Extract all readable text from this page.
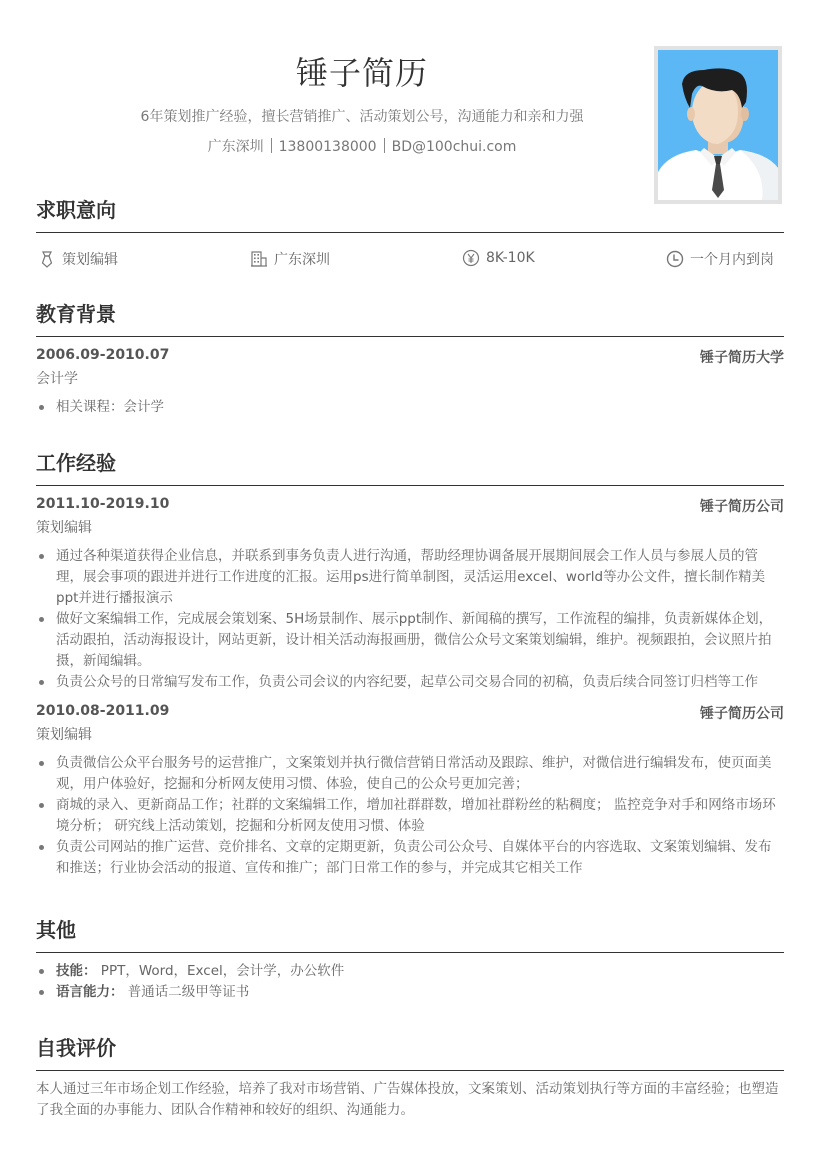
锤子简历
6年策划推广经验，擅长营销推广、活动策划公号，沟通能力和亲和力强
广东深圳 13800138000 BD@100chui.com
求职意向
策划编辑	广东深圳	8K-10K	一个月内到岗
教育背景
2006.09-2010.07	锤子简历大学
会计学
相关课程：会计学
工作经验
2011.10-2019.10	锤子简历公司
策划编辑
通过各种渠道获得企业信息，并联系到事务负责人进行沟通，帮助经理协调备展开展期间展会工作人员与参展人员的管理，展会事项的跟进并进行工作进度的汇报。运用ps进行简单制图，灵活运用excel、world等办公文件，擅长制作精美ppt并进行播报演示
做好文案编辑工作，完成展会策划案、5H场景制作、展示ppt制作、新闻稿的撰写，工作流程的编排，负责新媒体企划，活动跟拍，活动海报设计，网站更新，设计相关活动海报画册，微信公众号文案策划编辑，维护。视频跟拍，会议照片拍摄，新闻编辑。
负责公众号的日常编写发布工作，负责公司会议的内容纪要，起草公司交易合同的初稿，负责后续合同签订归档等工作
2010.08-2011.09	锤子简历公司
策划编辑
负责微信公众平台服务号的运营推广，文案策划并执行微信营销日常活动及跟踪、维护，对微信进行编辑发布，使页面美观，用户体验好，挖掘和分析网友使用习惯、体验，使自己的公众号更加完善；
商城的录入、更新商品工作；社群的文案编辑工作，增加社群群数，增加社群粉丝的粘稠度； 监控竞争对手和网络市场环境分析； 研究线上活动策划，挖掘和分析网友使用习惯、体验
负责公司网站的推广运营、竞价排名、文章的定期更新，负责公司公众号、自媒体平台的内容选取、文案策划编辑、发布和推送；行业协会活动的报道、宣传和推广；部门日常工作的参与，并完成其它相关工作
其他
技能： PPT，Word，Excel，会计学，办公软件
语言能力： 普通话二级甲等证书
自我评价
本人通过三年市场企划工作经验，培养了我对市场营销、广告媒体投放，文案策划、活动策划执行等方面的丰富经验；也塑造了我全面的办事能力、团队合作精神和较好的组织、沟通能力。
